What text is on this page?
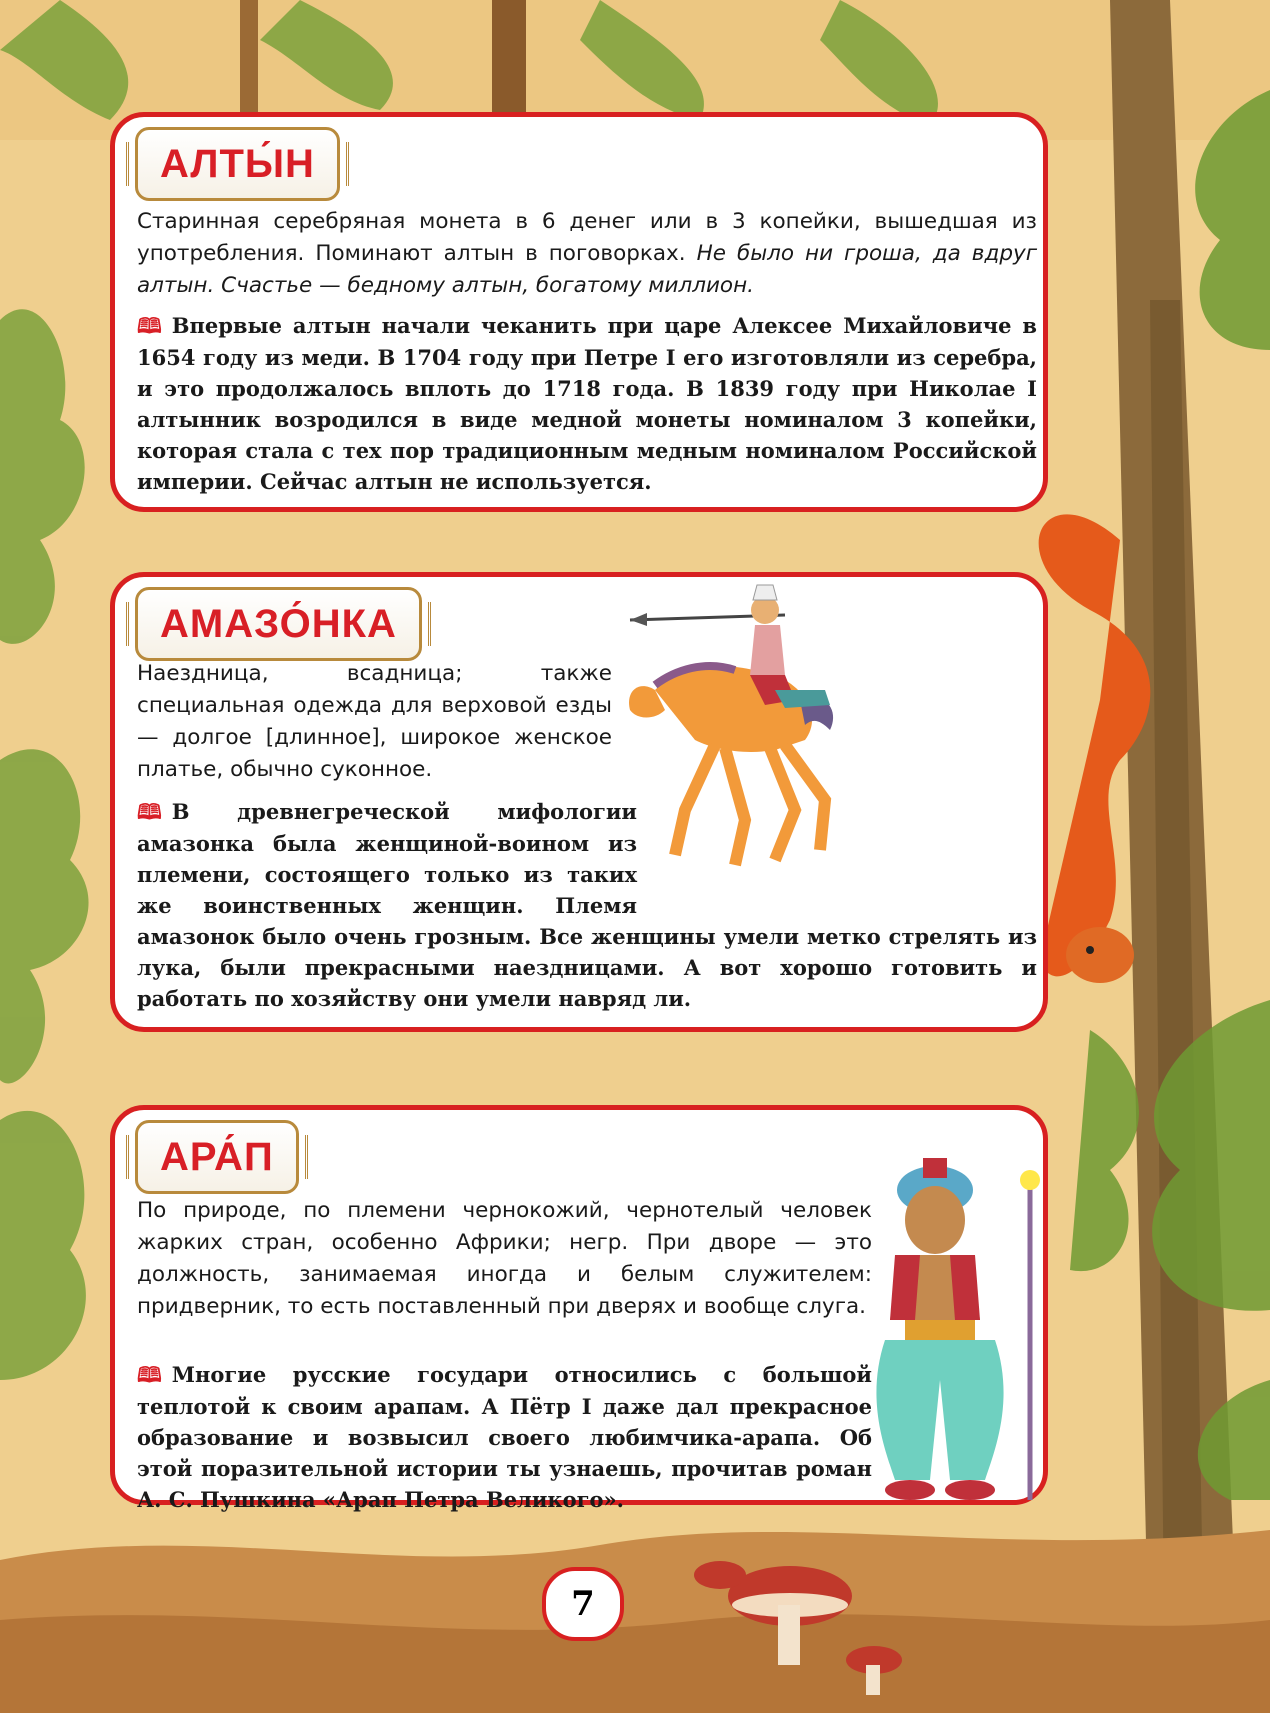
АЛТЫ́Н
Старинная серебряная монета в 6 денег или в 3 копейки, вышедшая из употребления. Поминают алтын в поговорках. Не было ни гроша, да вдруг алтын. Счастье — бедному алтын, богатому миллион.
🕮 Впервые алтын начали чеканить при царе Алексее Михайловиче в 1654 году из меди. В 1704 году при Петре I его изготовляли из серебра, и это продолжалось вплоть до 1718 года. В 1839 году при Николае I алтынник возродился в виде медной монеты номиналом 3 копейки, которая стала с тех пор традиционным медным номиналом Российской империи. Сейчас алтын не используется.
АМАЗО́НКА
Наездница, всадница; также специальная одежда для верховой езды — долгое [длинное], широкое женское платье, обычно суконное.
🕮 В древнегреческой мифологии амазонка была женщиной-воином из племени, состоящего только из таких же воинственных женщин. Племя амазонок было очень грозным. Все женщины умели метко стрелять из лука, были прекрасными наездницами. А вот хорошо готовить и работать по хозяйству они умели навряд ли.
АРА́П
По природе, по племени чернокожий, чернотелый человек жарких стран, особенно Африки; негр. При дворе — это должность, занимаемая иногда и белым служителем: придверник, то есть поставленный при дверях и вообще слуга.
🕮 Многие русские государи относились с большой теплотой к своим арапам. А Пётр I даже дал прекрасное образование и возвысил своего любимчика-арапа. Об этой поразительной истории ты узнаешь, прочитав роман А. С. Пушкина «Арап Петра Великого».
7
